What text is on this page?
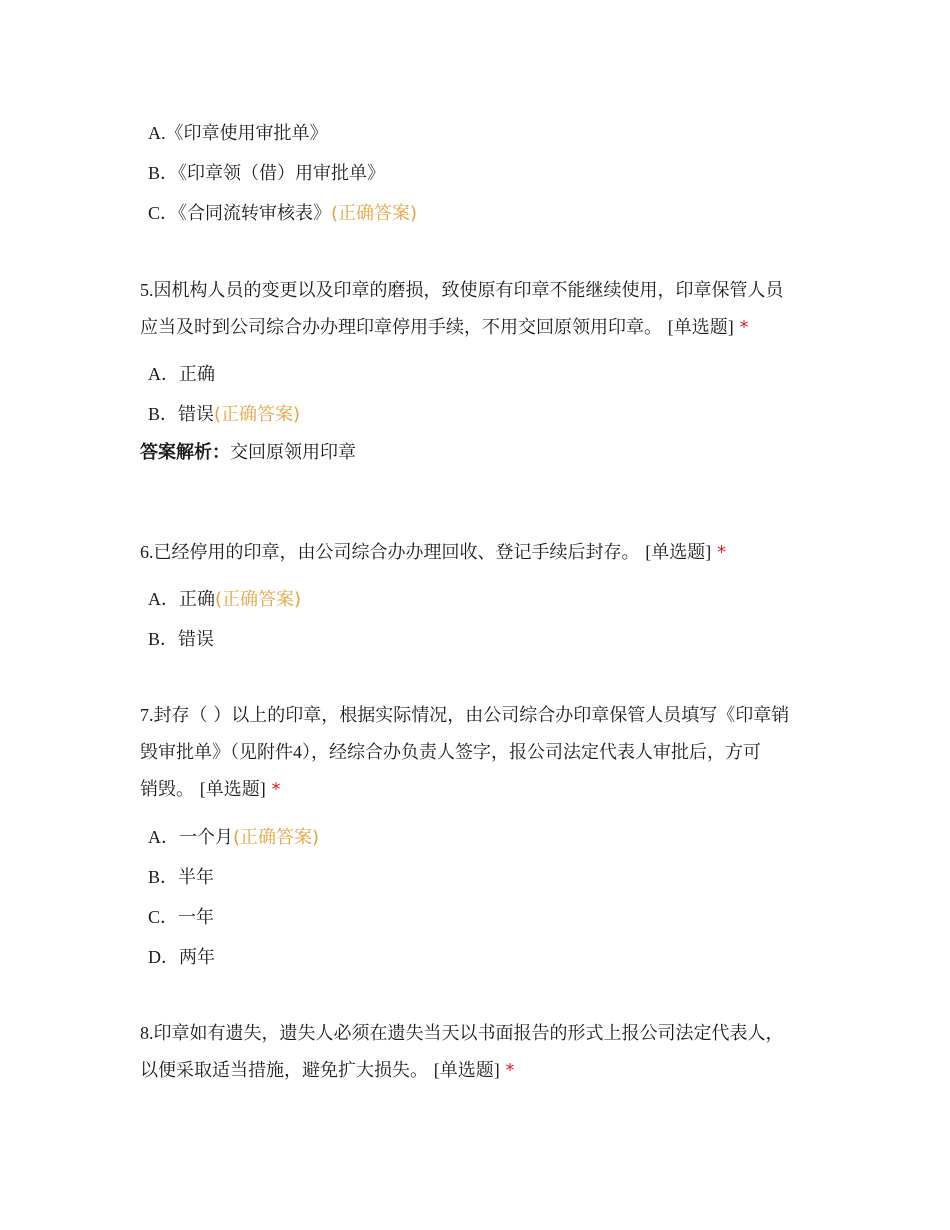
A.《印章使用审批单》
B．《印章领（借）用审批单》
C．《合同流转审核表》(正确答案)
5.因机构人员的变更以及印章的磨损，致使原有印章不能继续使用，印章保管人员
应当及时到公司综合办办理印章停用手续，不用交回原领用印章。 [单选题] *
A．正确
B．错误(正确答案)
答案解析：交回原领用印章
6.已经停用的印章，由公司综合办办理回收、登记手续后封存。 [单选题] *
A．正确(正确答案)
B．错误
7.封存（ ）以上的印章，根据实际情况，由公司综合办印章保管人员填写《印章销
毁审批单》（见附件4），经综合办负责人签字，报公司法定代表人审批后，方可
销毁。 [单选题] *
A．一个月(正确答案)
B．半年
C．一年
D．两年
8.印章如有遗失，遗失人必须在遗失当天以书面报告的形式上报公司法定代表人，
以便采取适当措施，避免扩大损失。 [单选题] *
